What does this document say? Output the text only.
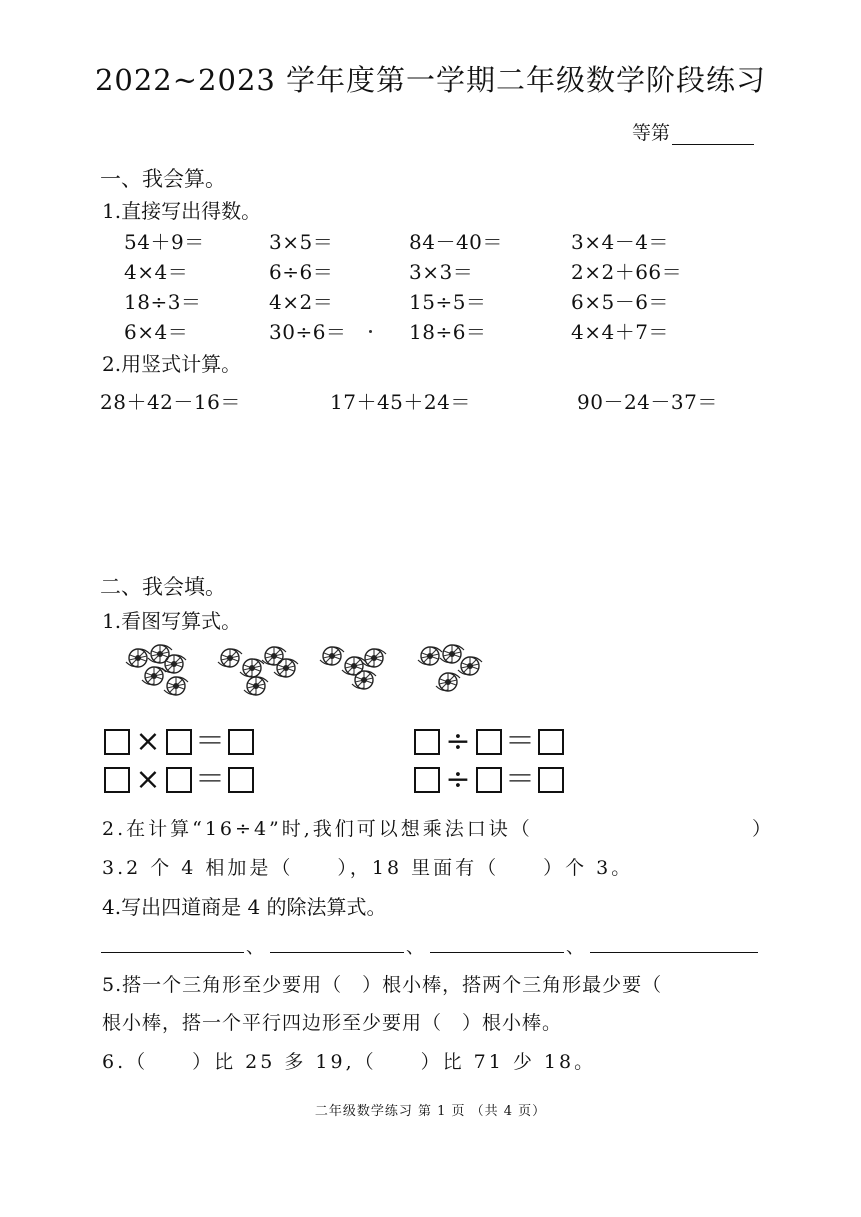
2022~2023 学年度第一学期二年级数学阶段练习
等第
一、我会算。
1.直接写出得数。
54＋9＝	3×5＝	84－40＝	3×4－4＝
4×4＝	6÷6＝	3×3＝	2×2＋66＝
18÷3＝	4×2＝	15÷5＝	6×5－6＝
6×4＝	30÷6＝	18÷6＝	4×4＋7＝
2.用竖式计算。
28＋42－16＝	17＋45＋24＝	90－24－37＝
二、我会填。
1.看图写算式。
× ＝
× ＝
÷ ＝
÷ ＝
2.在计算“16÷4”时,我们可以想乘法口诀（	）
3.2 个 4 相加是（　　），18 里面有（　　）个 3。
4.写出四道商是 4 的除法算式。
、	、	、
5.搭一个三角形至少要用（　）根小棒，搭两个三角形最少要（
根小棒，搭一个平行四边形至少要用（　）根小棒。
6.（　　）比 25 多 19,（　　）比 71 少 18。
二年级数学练习 第 1 页 （共 4 页）
